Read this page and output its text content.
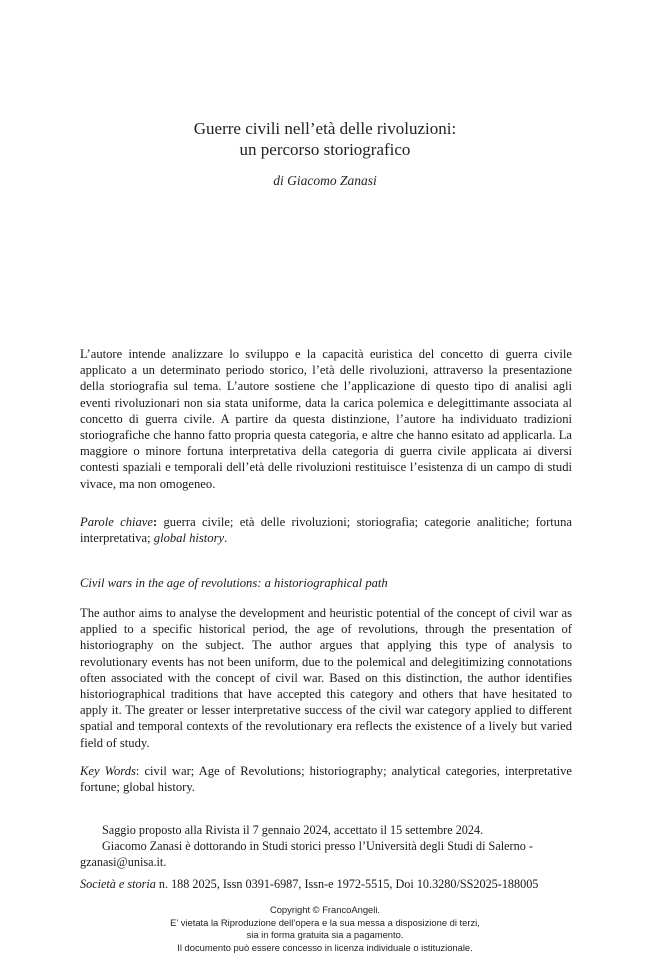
Guerre civili nell’età delle rivoluzioni:
un percorso storiografico
di Giacomo Zanasi
L’autore intende analizzare lo sviluppo e la capacità euristica del concetto di guerra civile applicato a un determinato periodo storico, l’età delle rivoluzioni, attraverso la presentazione della storiografia sul tema. L’autore sostiene che l’applicazione di questo tipo di analisi agli eventi rivoluzionari non sia stata uniforme, data la carica polemica e delegittimante associata al concetto di guerra civile. A partire da questa distinzione, l’autore ha individuato tradizioni storiografiche che hanno fatto propria questa categoria, e altre che hanno esitato ad applicarla. La maggiore o minore fortuna interpretativa della categoria di guerra civile applicata ai diversi contesti spaziali e temporali dell’età delle rivoluzioni restituisce l’esistenza di un campo di studi vivace, ma non omogeneo.
Parole chiave: guerra civile; età delle rivoluzioni; storiografia; categorie analitiche; fortuna interpretativa; global history.
Civil wars in the age of revolutions: a historiographical path
The author aims to analyse the development and heuristic potential of the concept of civil war as applied to a specific historical period, the age of revolutions, through the presentation of historiography on the subject. The author argues that applying this type of analysis to revolutionary events has not been uniform, due to the polemical and delegitimizing connotations often associated with the concept of civil war. Based on this distinction, the author identifies historiographical traditions that have accepted this category and others that have hesitated to apply it. The greater or lesser interpretative success of the civil war category applied to different spatial and temporal contexts of the revolutionary era reflects the existence of a lively but varied field of study.
Key Words: civil war; Age of Revolutions; historiography; analytical categories, interpretative fortune; global history.
Saggio proposto alla Rivista il 7 gennaio 2024, accettato il 15 settembre 2024.
Giacomo Zanasi è dottorando in Studi storici presso l’Università degli Studi di Salerno - gzanasi@unisa.it.
Società e storia n. 188 2025, Issn 0391-6987, Issn-e 1972-5515, Doi 10.3280/SS2025-188005
Copyright © FrancoAngeli.
E’ vietata la Riproduzione dell’opera e la sua messa a disposizione di terzi,
sia in forma gratuita sia a pagamento.
Il documento può essere concesso in licenza individuale o istituzionale.
